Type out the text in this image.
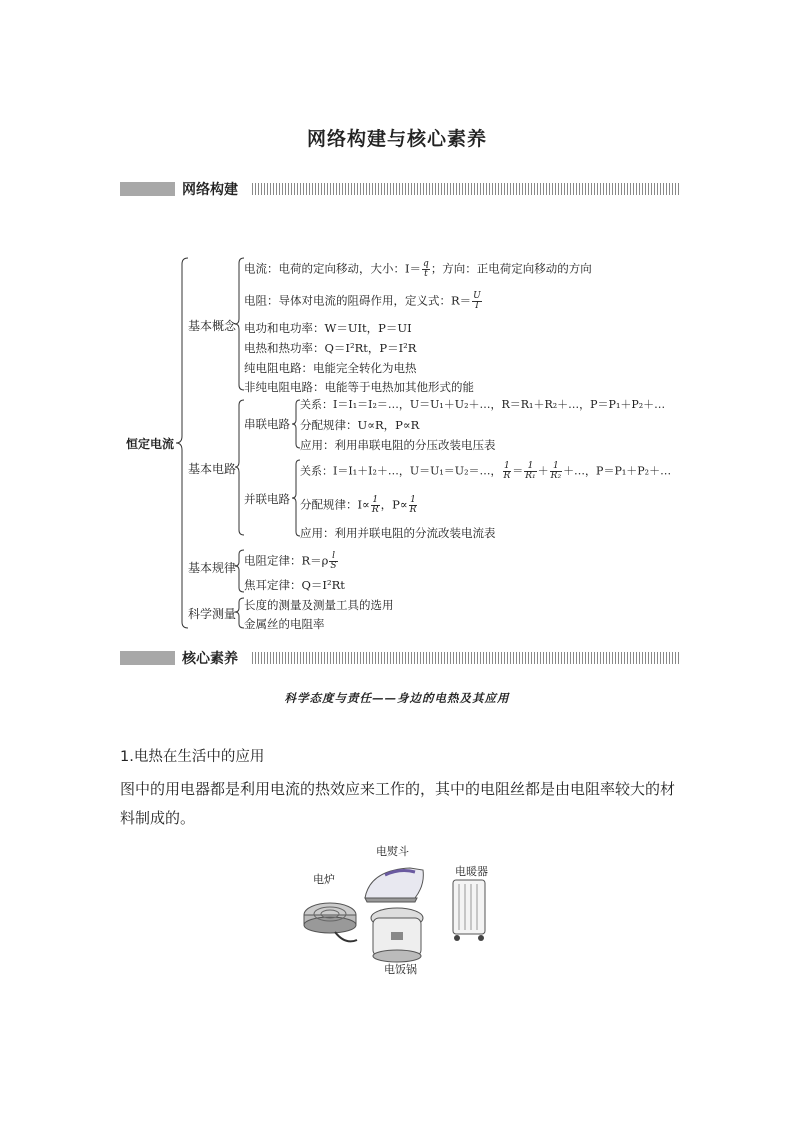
网络构建与核心素养
网络构建
恒定电流
基本概念
基本电路
基本规律
科学测量
电流：电荷的定向移动，大小：$I= \frac{q}{t}$ ；方向：正电荷定向移动的方向
电阻：导体对电流的阻碍作用，定义式：$R= \frac{U}{I}$
电功和电功率：W＝UIt，P＝UI
电热和热功率：Q＝I²Rt，P＝I²R
纯电阻电路：电能完全转化为电热
非纯电阻电路：电能等于电热加其他形式的能
串联电路
关系：I＝I₁＝I₂＝…，U＝U₁＋U₂＋…，R＝R₁＋R₂＋…，P＝P₁＋P₂＋…
分配规律：U∝R，P∝R
应用：利用串联电阻的分压改装电压表
并联电路
关系：I＝I₁＋I₂＋…，U＝U₁＝U₂＝…， $\frac{1}{R} = \frac{1}{\text{R₁}} + \frac{1}{\text{R₂}}$ ＋…，P＝P₁＋P₂＋…
分配规律：$I\propto \frac{1}{R}$ ，$P\propto \frac{1}{R}$
应用：利用并联电阻的分流改装电流表
电阻定律：$R=\rho \frac{l}{S}$
焦耳定律：Q＝I²Rt
长度的测量及测量工具的选用
金属丝的电阻率
核心素养
科学态度与责任——身边的电热及其应用
1.电热在生活中的应用
图中的用电器都是利用电流的热效应来工作的，其中的电阻丝都是由电阻率较大的材料制成的。
电炉
电熨斗
电暖器
电饭锅
